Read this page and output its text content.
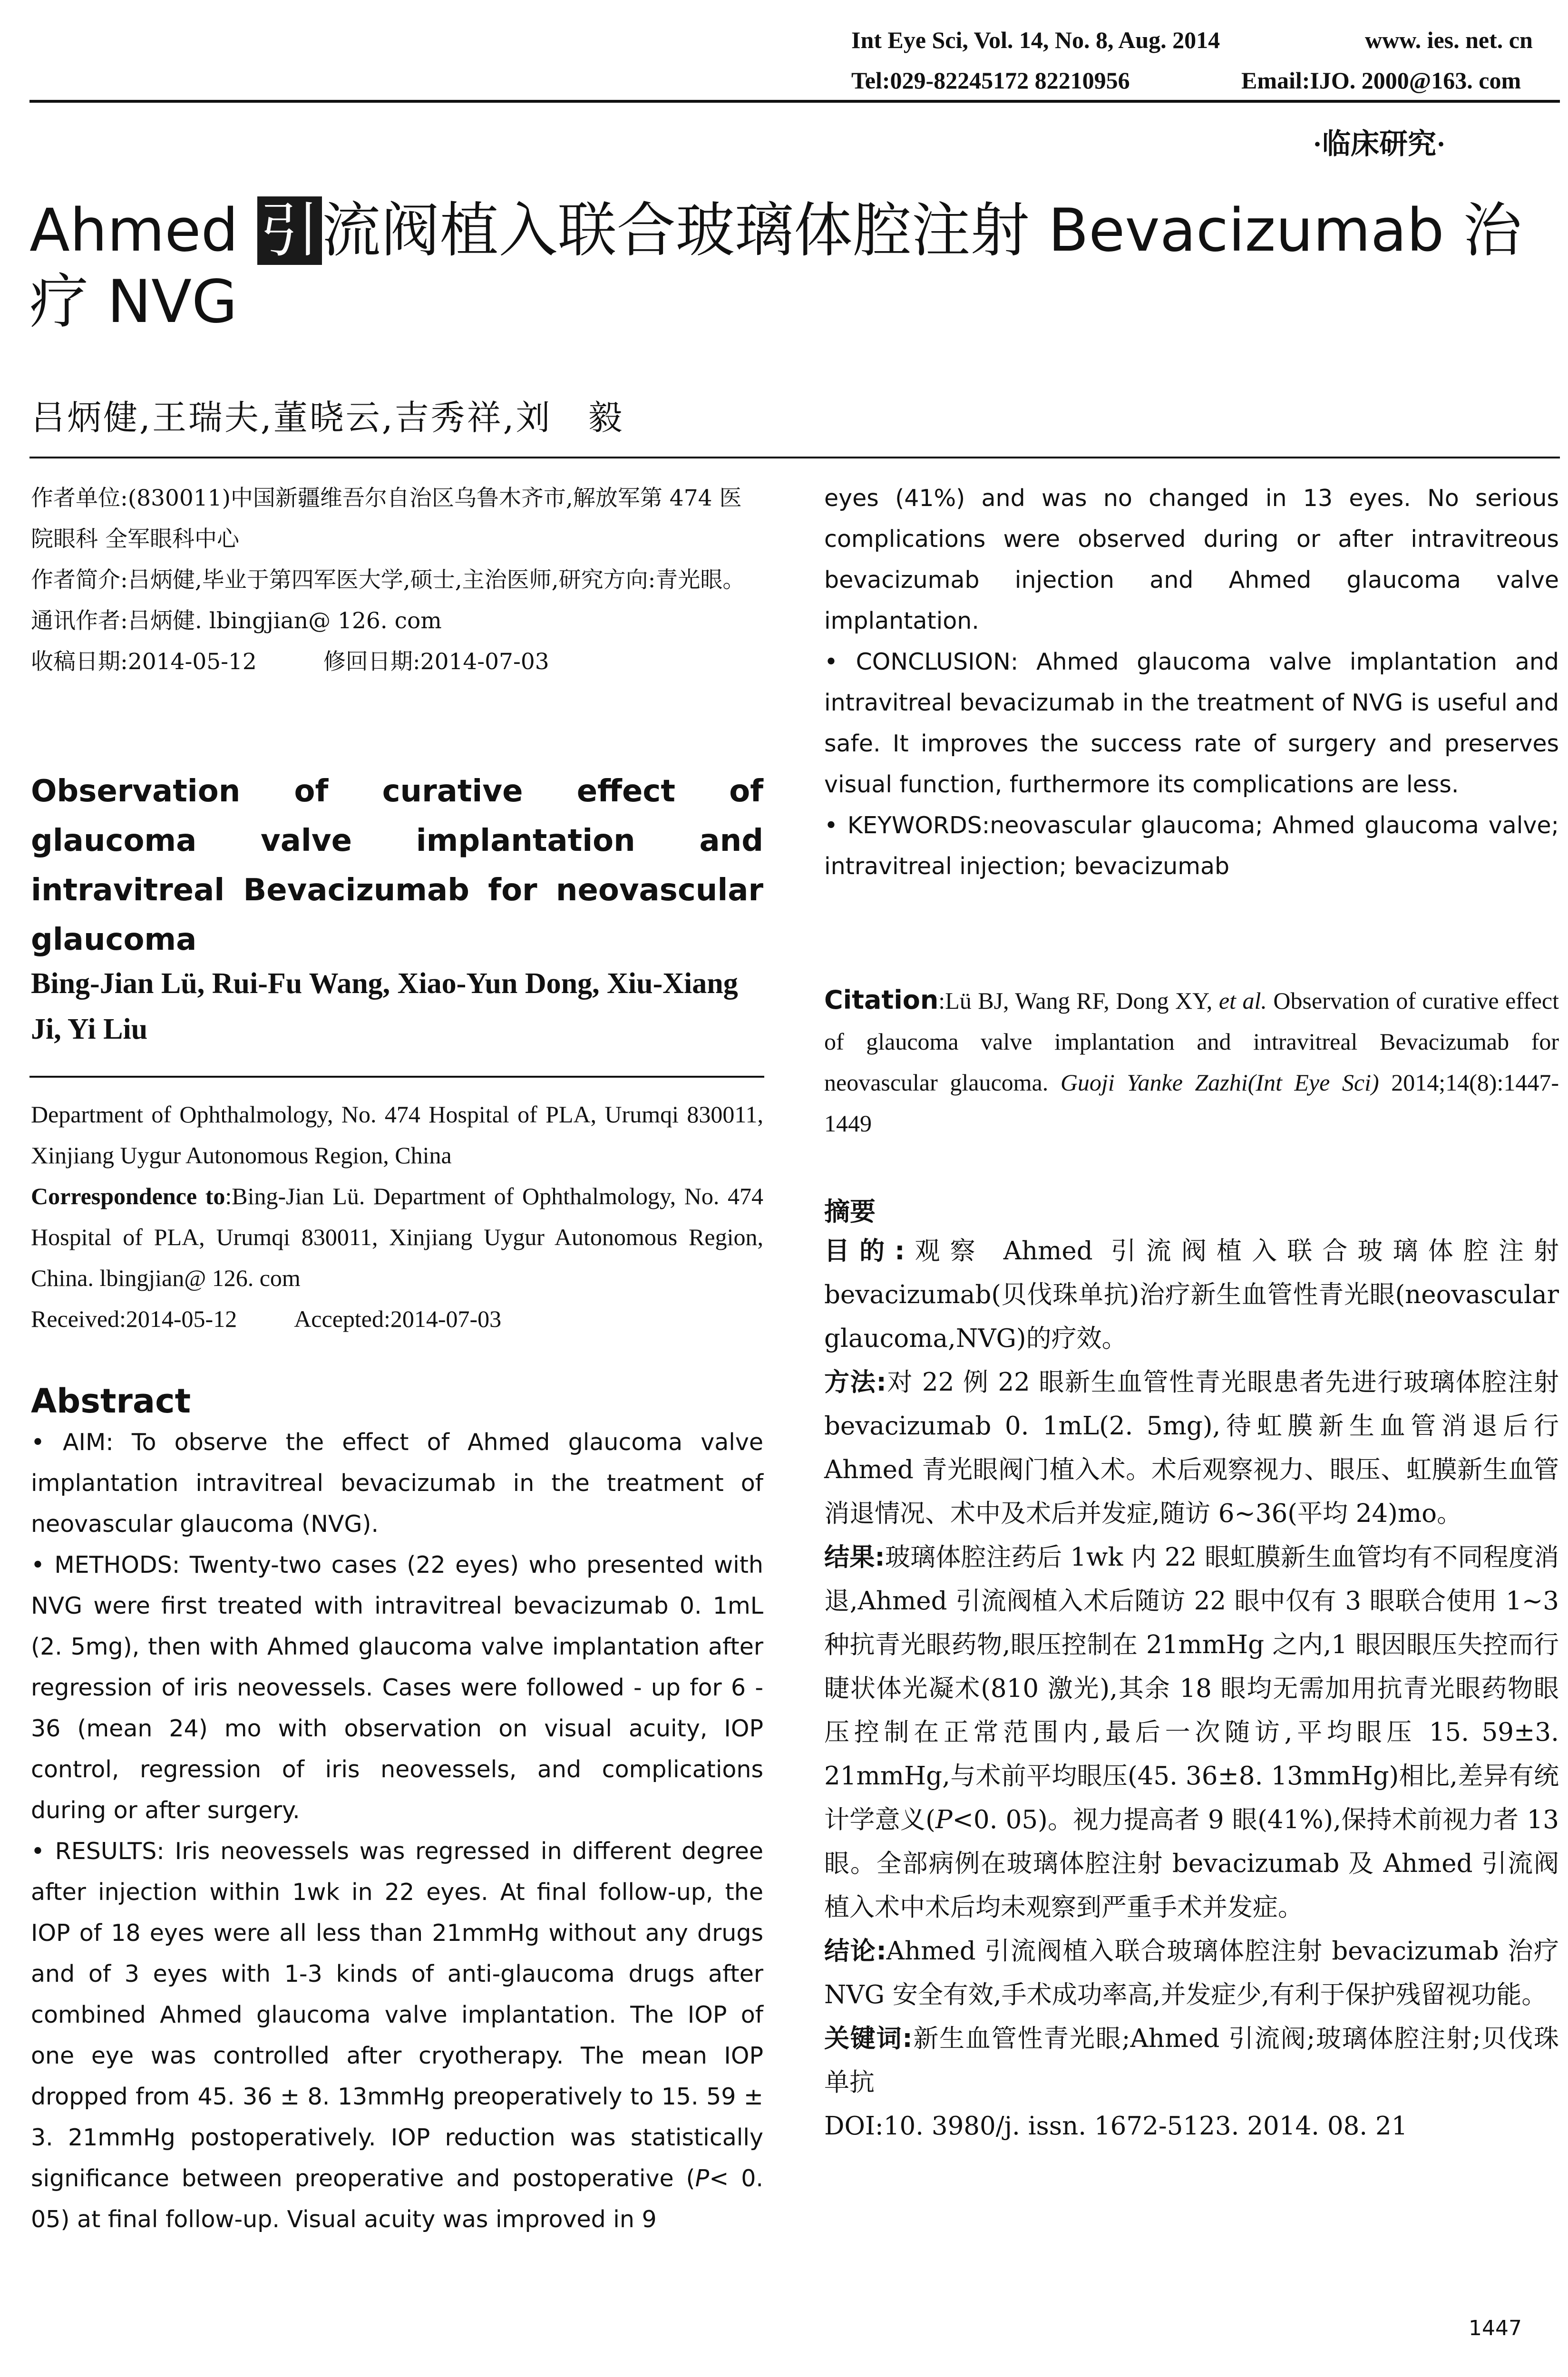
Int Eye Sci, Vol. 14, No. 8, Aug. 2014	www. ies. net. cn
Tel:029-82245172 82210956	Email:IJO. 2000@163. com
·临床研究·
Ahmed 引流阀植入联合玻璃体腔注射 Bevacizumab 治
疗 NVG
吕炳健,王瑞夫,董晓云,吉秀祥,刘　毅

作者单位:(830011)中国新疆维吾尔自治区乌鲁木齐市,解放军第 474 医院眼科 全军眼科中心

作者简介:吕炳健,毕业于第四军医大学,硕士,主治医师,研究方向:青光眼。

通讯作者:吕炳健. lbingjian@ 126. com

收稿日期:2014-05-12	修回日期:2014-07-03

Observation of curative effect of glaucoma valve implantation and intravitreal Bevacizumab for neovascular glaucoma
Bing-Jian Lü, Rui-Fu Wang, Xiao-Yun Dong, Xiu-Xiang Ji, Yi Liu

Department of Ophthalmology, No. 474 Hospital of PLA, Urumqi 830011, Xinjiang Uygur Autonomous Region, China

Correspondence to:Bing-Jian Lü. Department of Ophthalmology, No. 474 Hospital of PLA, Urumqi 830011, Xinjiang Uygur Autonomous Region, China. lbingjian@ 126. com

Received:2014-05-12 Accepted:2014-07-03

Abstract

• AIM: To observe the effect of Ahmed glaucoma valve implantation intravitreal bevacizumab in the treatment of neovascular glaucoma (NVG).

• METHODS: Twenty-two cases (22 eyes) who presented with NVG were first treated with intravitreal bevacizumab 0. 1mL (2. 5mg), then with Ahmed glaucoma valve implantation after regression of iris neovessels. Cases were followed - up for 6 - 36 (mean 24) mo with observation on visual acuity, IOP control, regression of iris neovessels, and complications during or after surgery.

• RESULTS: Iris neovessels was regressed in different degree after injection within 1wk in 22 eyes. At final follow-up, the IOP of 18 eyes were all less than 21mmHg without any drugs and of 3 eyes with 1-3 kinds of anti-glaucoma drugs after combined Ahmed glaucoma valve implantation. The IOP of one eye was controlled after cryotherapy. The mean IOP dropped from 45. 36 ± 8. 13mmHg preoperatively to 15. 59 ± 3. 21mmHg postoperatively. IOP reduction was statistically significance between preoperative and postoperative (P< 0. 05) at final follow-up. Visual acuity was improved in 9

eyes (41%) and was no changed in 13 eyes. No serious complications were observed during or after intravitreous bevacizumab injection and Ahmed glaucoma valve implantation.

• CONCLUSION: Ahmed glaucoma valve implantation and intravitreal bevacizumab in the treatment of NVG is useful and safe. It improves the success rate of surgery and preserves visual function, furthermore its complications are less.

• KEYWORDS:neovascular glaucoma; Ahmed glaucoma valve; intravitreal injection; bevacizumab

Citation:Lü BJ, Wang RF, Dong XY, et al. Observation of curative effect of glaucoma valve implantation and intravitreal Bevacizumab for neovascular glaucoma. Guoji Yanke Zazhi(Int Eye Sci) 2014;14(8):1447-1449
摘要

目的:观察 Ahmed 引流阀植入联合玻璃体腔注射 bevacizumab(贝伐珠单抗)治疗新生血管性青光眼(neovascular glaucoma,NVG)的疗效。

方法:对 22 例 22 眼新生血管性青光眼患者先进行玻璃体腔注射 bevacizumab 0. 1mL(2. 5mg),待虹膜新生血管消退后行 Ahmed 青光眼阀门植入术。术后观察视力、眼压、虹膜新生血管消退情况、术中及术后并发症,随访 6~36(平均 24)mo。

结果:玻璃体腔注药后 1wk 内 22 眼虹膜新生血管均有不同程度消退,Ahmed 引流阀植入术后随访 22 眼中仅有 3 眼联合使用 1~3 种抗青光眼药物,眼压控制在 21mmHg 之内,1 眼因眼压失控而行睫状体光凝术(810 激光),其余 18 眼均无需加用抗青光眼药物眼压控制在正常范围内,最后一次随访,平均眼压 15. 59±3. 21mmHg,与术前平均眼压(45. 36±8. 13mmHg)相比,差异有统计学意义(P<0. 05)。视力提高者 9 眼(41%),保持术前视力者 13 眼。全部病例在玻璃体腔注射 bevacizumab 及 Ahmed 引流阀植入术中术后均未观察到严重手术并发症。

结论:Ahmed 引流阀植入联合玻璃体腔注射 bevacizumab 治疗 NVG 安全有效,手术成功率高,并发症少,有利于保护残留视功能。

关键词:新生血管性青光眼;Ahmed 引流阀;玻璃体腔注射;贝伐珠单抗

DOI:10. 3980/j. issn. 1672-5123. 2014. 08. 21

1447
